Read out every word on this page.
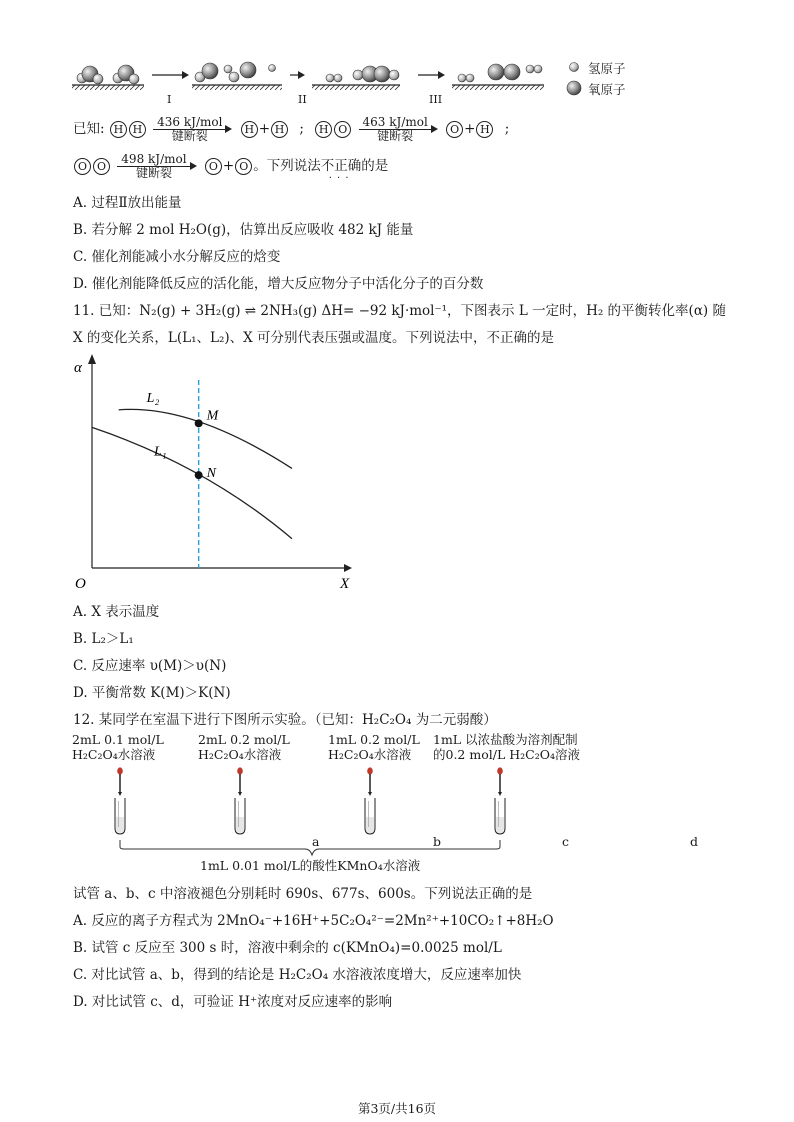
I	II	III
氢原子
氧原子
已知: H H
436 kJ/mol
键断裂	H + H ; H O
463 kJ/mol
键断裂	O + H ;
O O
498 kJ/mol
键断裂	O + O 。下列说法不正确 · · ·的是
A. 过程Ⅱ放出能量
B. 若分解 2 mol H₂O(g)，估算出反应吸收 482 kJ 能量
C. 催化剂能减小水分解反应的焓变
D. 催化剂能降低反应的活化能，增大反应物分子中活化分子的百分数
11. 已知：N₂(g) + 3H₂(g) ⇌ 2NH₃(g) ΔH= −92 kJ·mol⁻¹，下图表示 L 一定时，H₂ 的平衡转化率(α) 随
X 的变化关系，L(L₁、L₂)、X 可分别代表压强或温度。下列说法中，不正确的是
α
X
O
L₂
L₁
M
N
A. X 表示温度
B. L₂＞L₁
C. 反应速率 υ(M)＞υ(N)
D. 平衡常数 K(M)＞K(N)
12. 某同学在室温下进行下图所示实验。（已知：H₂C₂O₄ 为二元弱酸）
2mL 0.1 mol/L
H₂C₂O₄水溶液
2mL 0.2 mol/L
H₂C₂O₄水溶液
1mL 0.2 mol/L
H₂C₂O₄水溶液
1mL 以浓盐酸为溶剂配制
的0.2 mol/L H₂C₂O₄溶液
a	b	c	d
1mL 0.01 mol/L的酸性KMnO₄水溶液
试管 a、b、c 中溶液褪色分别耗时 690s、677s、600s。下列说法正确的是
A. 反应的离子方程式为 2MnO₄⁻+16H⁺+5C₂O₄²⁻=2Mn²⁺+10CO₂↑+8H₂O
B. 试管 c 反应至 300 s 时，溶液中剩余的 c(KMnO₄)=0.0025 mol/L
C. 对比试管 a、b，得到的结论是 H₂C₂O₄ 水溶液浓度增大，反应速率加快
D. 对比试管 c、d，可验证 H⁺浓度对反应速率的影响
第3页/共16页
